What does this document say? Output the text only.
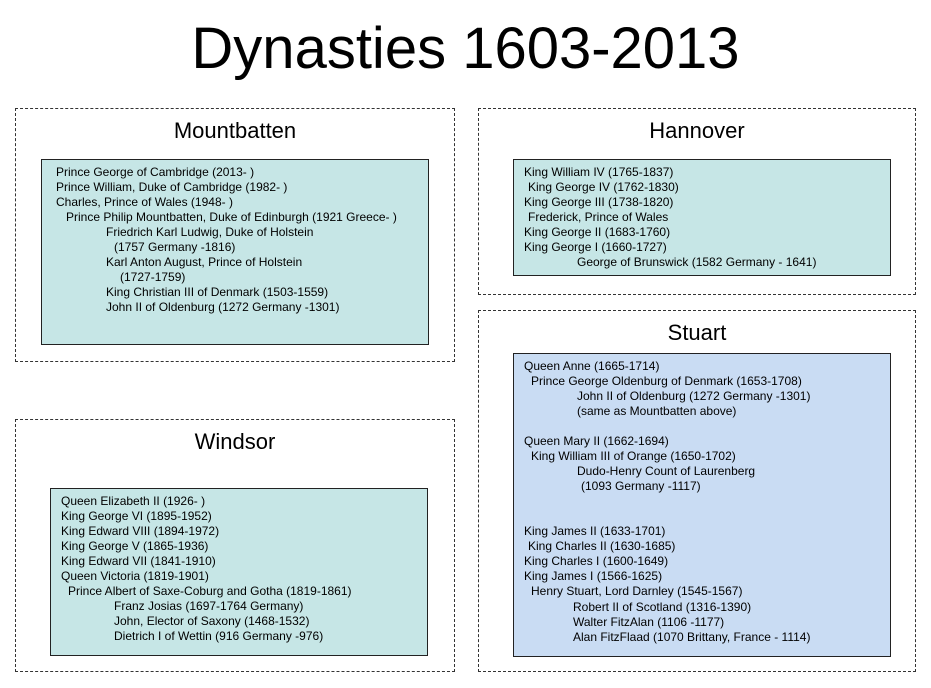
Dynasties 1603-2013
Mountbatten
Prince George of Cambridge (2013- )
Prince William, Duke of Cambridge (1982- )
Charles, Prince of Wales (1948- )
Prince Philip Mountbatten, Duke of Edinburgh (1921 Greece- )
Friedrich Karl Ludwig, Duke of Holstein
(1757 Germany -1816)
Karl Anton August, Prince of Holstein
(1727-1759)
King Christian III of Denmark (1503-1559)
John II of Oldenburg (1272 Germany -1301)
Hannover
King William IV (1765-1837)
King George IV (1762-1830)
King George III (1738-1820)
Frederick, Prince of Wales
King George II (1683-1760)
King George I (1660-1727)
George of Brunswick (1582 Germany - 1641)
Windsor
Queen Elizabeth II (1926- )
King George VI (1895-1952)
King Edward VIII (1894-1972)
King George V (1865-1936)
King Edward VII (1841-1910)
Queen Victoria (1819-1901)
Prince Albert of Saxe-Coburg and Gotha (1819-1861)
Franz Josias (1697-1764 Germany)
John, Elector of Saxony (1468-1532)
Dietrich I of Wettin (916 Germany -976)
Stuart
Queen Anne (1665-1714)
Prince George Oldenburg of Denmark (1653-1708)
John II of Oldenburg (1272 Germany -1301)
(same as Mountbatten above)
Queen Mary II (1662-1694)
King William III of Orange (1650-1702)
Dudo-Henry Count of Laurenberg
(1093 Germany -1117)
King James II (1633-1701)
King Charles II (1630-1685)
King Charles I (1600-1649)
King James I (1566-1625)
Henry Stuart, Lord Darnley (1545-1567)
Robert II of Scotland (1316-1390)
Walter FitzAlan (1106 -1177)
Alan FitzFlaad (1070 Brittany, France - 1114)
